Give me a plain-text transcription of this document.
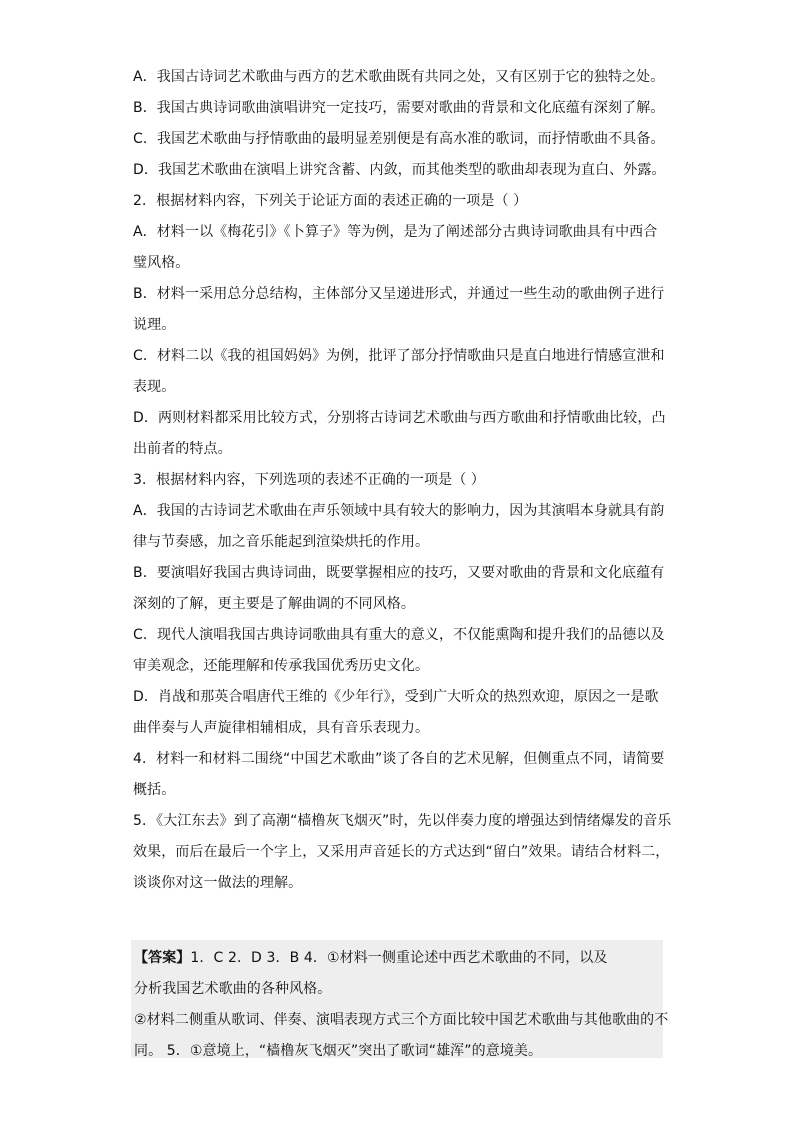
A．我国古诗词艺术歌曲与西方的艺术歌曲既有共同之处，又有区别于它的独特之处。
B．我国古典诗词歌曲演唱讲究一定技巧，需要对歌曲的背景和文化底蕴有深刻了解。
C．我国艺术歌曲与抒情歌曲的最明显差别便是有高水准的歌词，而抒情歌曲不具备。
D．我国艺术歌曲在演唱上讲究含蓄、内敛，而其他类型的歌曲却表现为直白、外露。
2．根据材料内容，下列关于论证方面的表述正确的一项是（ ）
A．材料一以《梅花引》《卜算子》等为例，是为了阐述部分古典诗词歌曲具有中西合
璧风格。
B．材料一采用总分总结构，主体部分又呈递进形式，并通过一些生动的歌曲例子进行
说理。
C．材料二以《我的祖国妈妈》为例，批评了部分抒情歌曲只是直白地进行情感宣泄和
表现。
D．两则材料都采用比较方式，分别将古诗词艺术歌曲与西方歌曲和抒情歌曲比较，凸
出前者的特点。
3．根据材料内容，下列选项的表述不正确的一项是（ ）
A．我国的古诗词艺术歌曲在声乐领域中具有较大的影响力，因为其演唱本身就具有韵
律与节奏感，加之音乐能起到渲染烘托的作用。
B．要演唱好我国古典诗词曲，既要掌握相应的技巧，又要对歌曲的背景和文化底蕴有
深刻的了解，更主要是了解曲调的不同风格。
C．现代人演唱我国古典诗词歌曲具有重大的意义，不仅能熏陶和提升我们的品德以及
审美观念，还能理解和传承我国优秀历史文化。
D．肖战和那英合唱唐代王维的《少年行》，受到广大听众的热烈欢迎，原因之一是歌
曲伴奏与人声旋律相辅相成，具有音乐表现力。
4．材料一和材料二围绕“中国艺术歌曲”谈了各自的艺术见解，但侧重点不同，请简要
概括。
5．《大江东去》到了高潮“樯橹灰飞烟灭”时，先以伴奏力度的增强达到情绪爆发的音乐
效果，而后在最后一个字上，又采用声音延长的方式达到“留白”效果。请结合材料二，
谈谈你对这一做法的理解。
【答案】1．C 2．D 3．B 4．①材料一侧重论述中西艺术歌曲的不同，以及
分析我国艺术歌曲的各种风格。
②材料二侧重从歌词、伴奏、演唱表现方式三个方面比较中国艺术歌曲与其他歌曲的不
同。 5．①意境上，“樯橹灰飞烟灭”突出了歌词“雄浑”的意境美。
